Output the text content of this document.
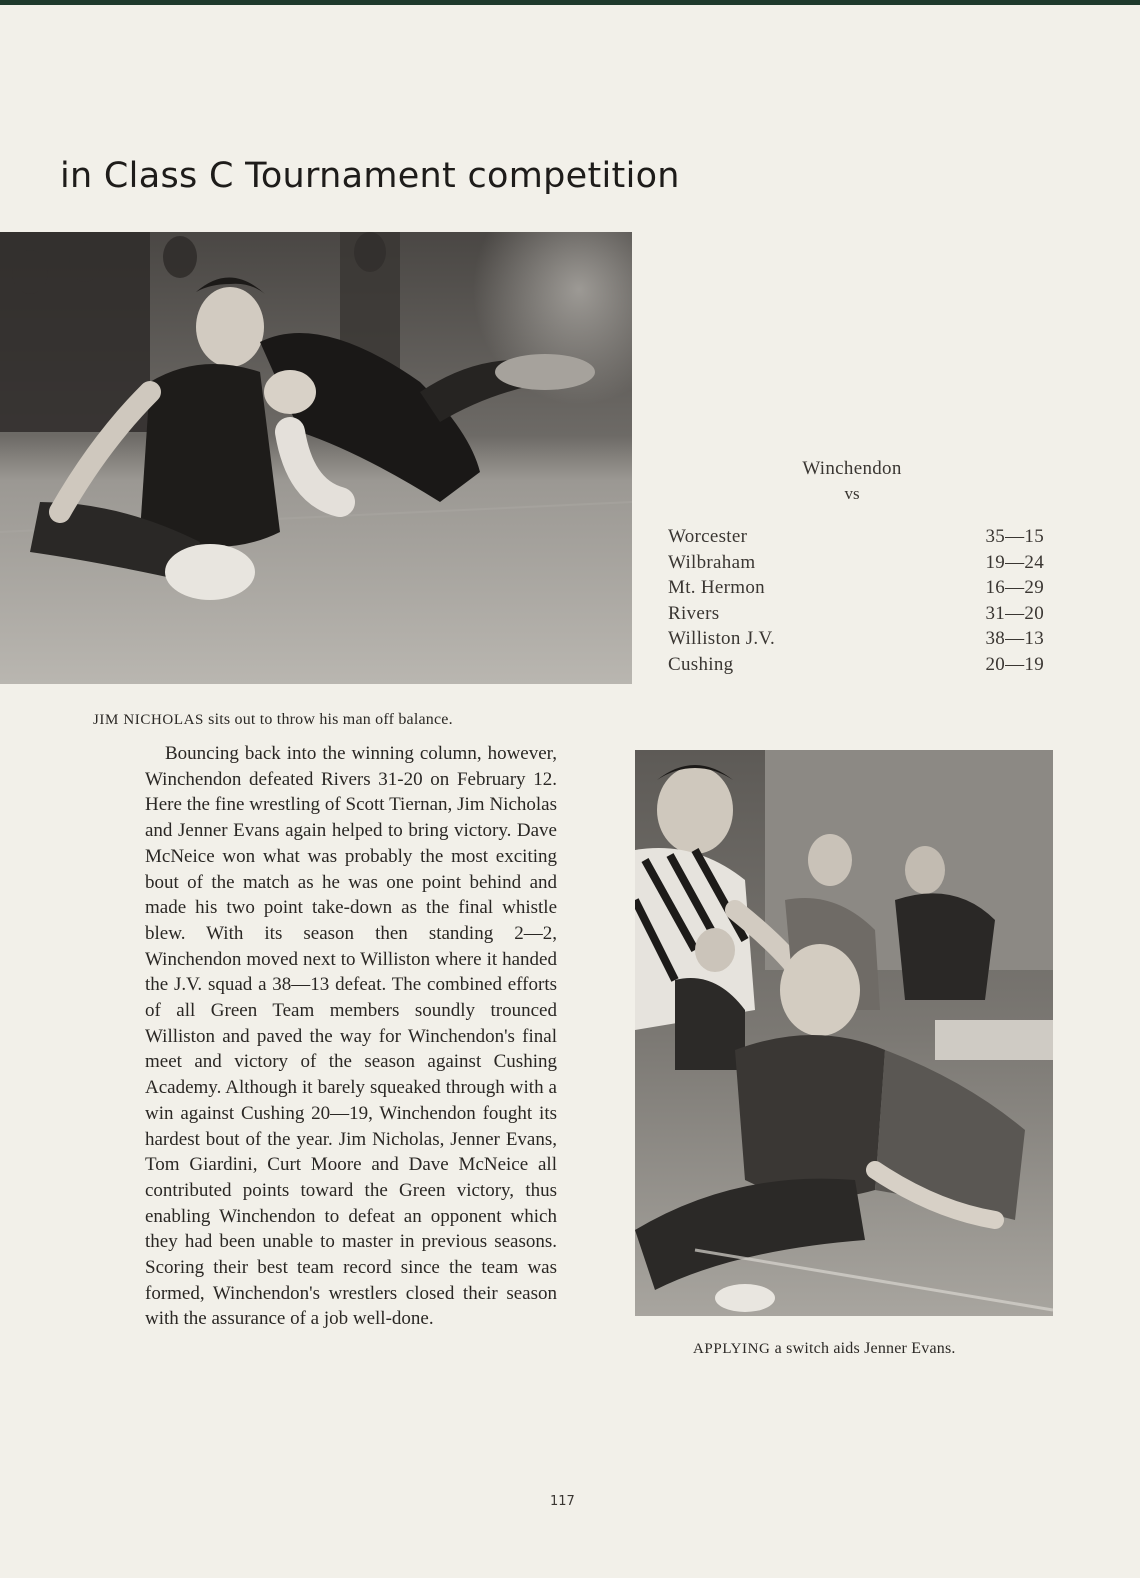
in Class C Tournament competition
JIM NICHOLAS sits out to throw his man off balance.
Winchendon
vs
Worcester	35—15
Wilbraham	19—24
Mt. Hermon	16—29
Rivers	31—20
Williston J.V.	38—13
Cushing	20—19

Bouncing back into the winning column, however, Winchendon defeated Rivers 31-20 on February 12. Here the fine wrestling of Scott Tiernan, Jim Nicholas and Jenner Evans again helped to bring victory. Dave McNeice won what was probably the most exciting bout of the match as he was one point behind and made his two point take-down as the final whistle blew. With its season then standing 2—2, Winchendon moved next to Williston where it handed the J.V. squad a 38—13 defeat. The combined efforts of all Green Team members soundly trounced Williston and paved the way for Winchendon's final meet and victory of the season against Cushing Academy. Although it barely squeaked through with a win against Cushing 20—19, Winchendon fought its hardest bout of the year. Jim Nicholas, Jenner Evans, Tom Giardini, Curt Moore and Dave McNeice all contributed points toward the Green victory, thus enabling Winchendon to defeat an opponent which they had been unable to master in previous seasons. Scoring their best team record since the team was formed, Winchendon's wrestlers closed their season with the assurance of a job well-done.

APPLYING a switch aids Jenner Evans.
117
